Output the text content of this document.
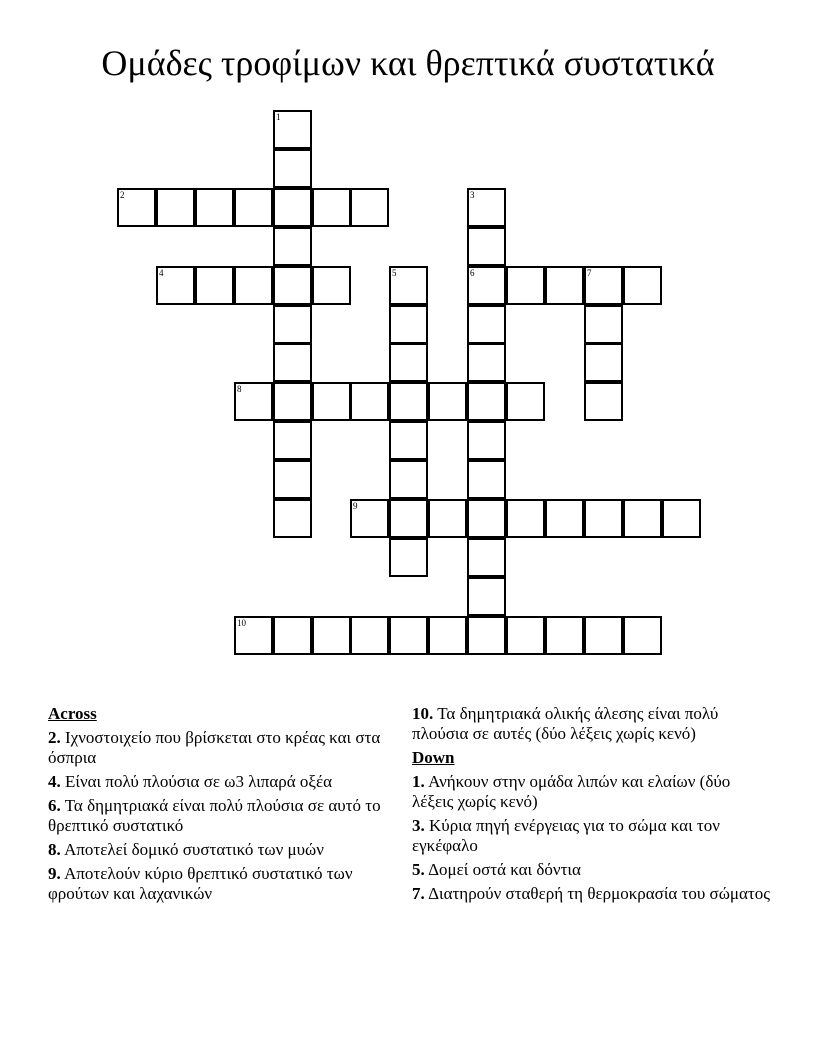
Ομάδες τροφίμων και θρεπτικά συστατικά
1
2	3
4	5	6	7
8
9
10
Across
2. Ιχνοστοιχείο που βρίσκεται στο κρέας και στα όσπρια
4. Είναι πολύ πλούσια σε ω3 λιπαρά οξέα
6. Τα δημητριακά είναι πολύ πλούσια σε αυτό το θρεπτικό συστατικό
8. Αποτελεί δομικό συστατικό των μυών
9. Αποτελούν κύριο θρεπτικό συστατικό των φρούτων και λαχανικών
10. Τα δημητριακά ολικής άλεσης είναι πολύ πλούσια σε αυτές (δύο λέξεις χωρίς κενό)
Down
1. Ανήκουν στην ομάδα λιπών και ελαίων (δύο λέξεις χωρίς κενό)
3. Κύρια πηγή ενέργειας για το σώμα και τον εγκέφαλο
5. Δομεί οστά και δόντια
7. Διατηρούν σταθερή τη θερμοκρασία του σώματος
